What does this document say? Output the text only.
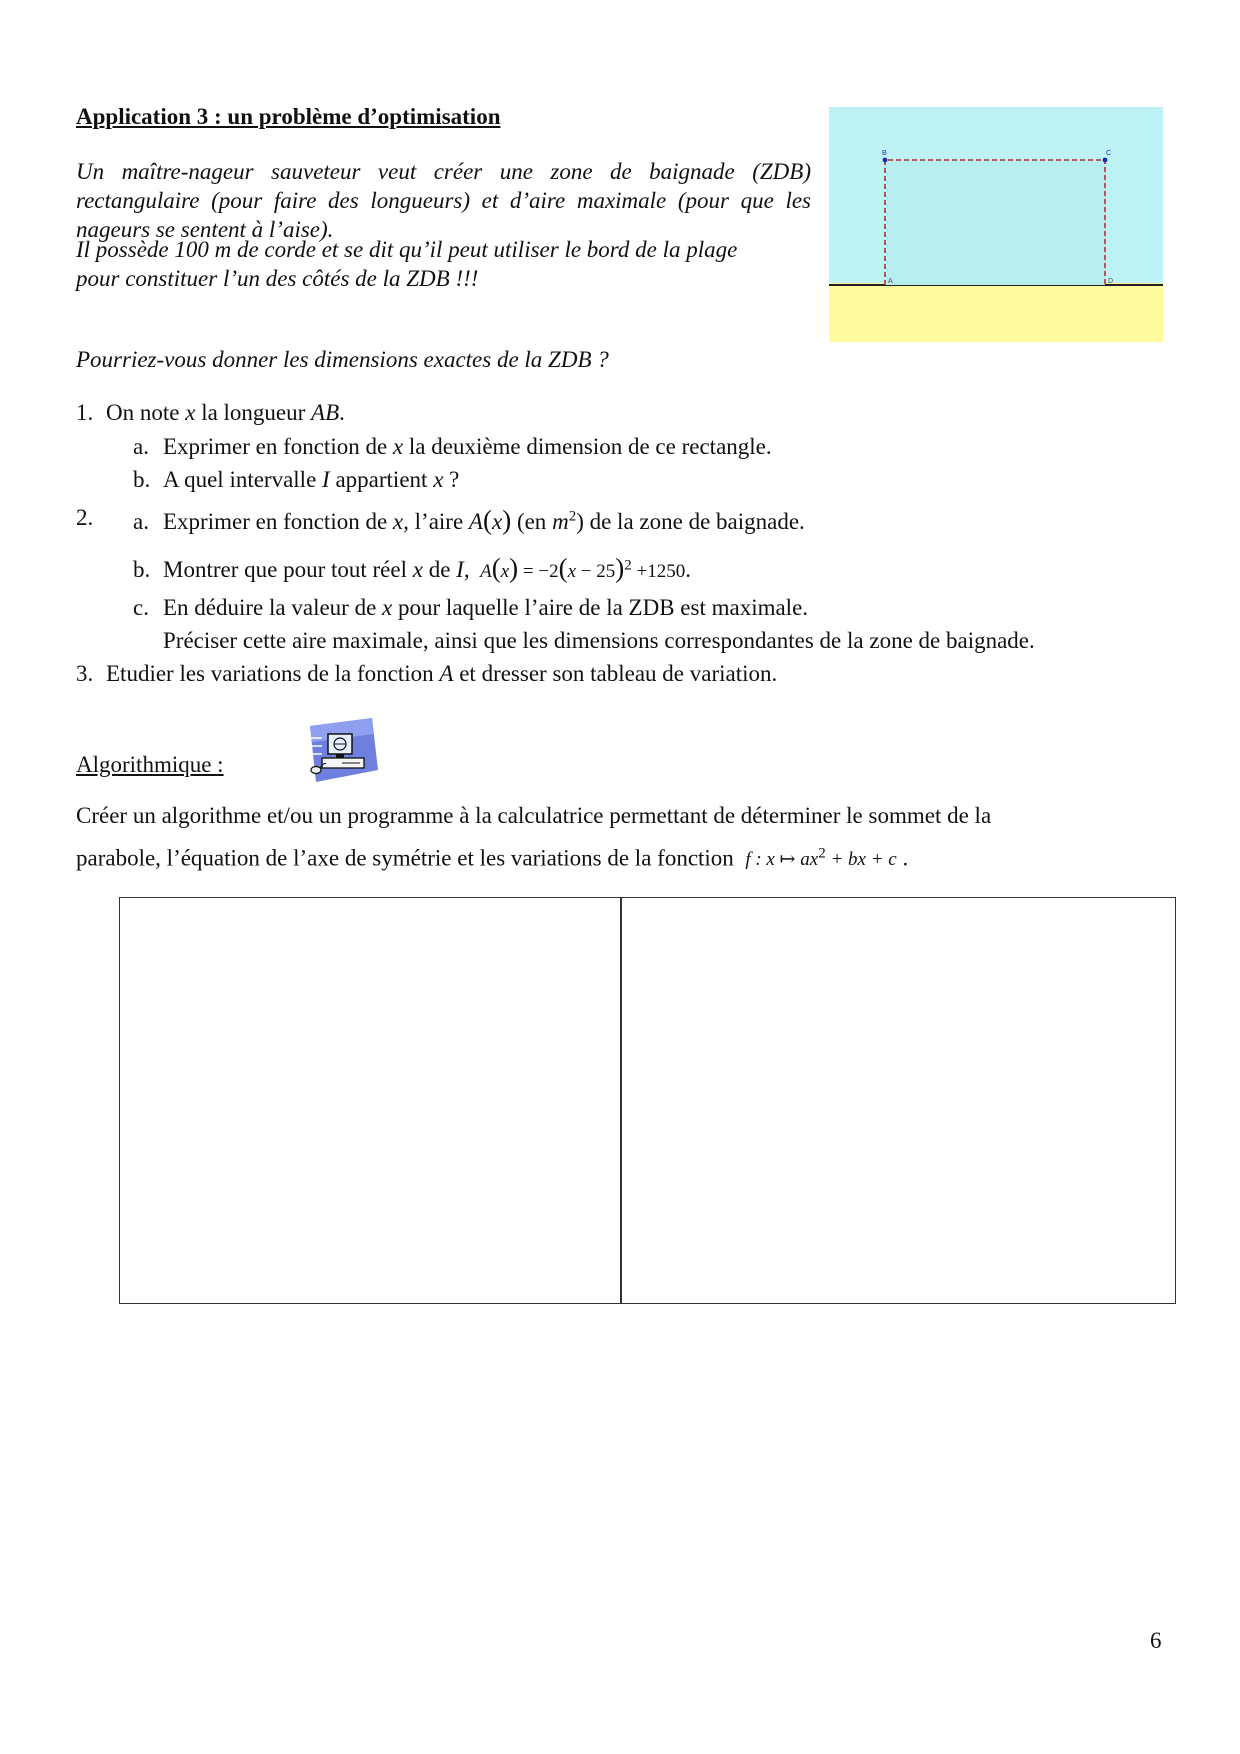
Application 3 : un problème d’optimisation

Un maître-nageur sauveteur veut créer une zone de baignade (ZDB) rectangulaire (pour faire des longueurs) et d’aire maximale (pour que les nageurs se sentent à l’aise).

Il possède 100 m de corde et se dit qu’il peut utiliser le bord de la plage

pour constituer l’un des côtés de la ZDB !!!

Pourriez-vous donner les dimensions exactes de la ZDB ?

B	C
A	D
1. On note x la longueur AB.
a. Exprimer en fonction de x la deuxième dimension de ce rectangle.
b. A quel intervalle I appartient x ?
2. a. Exprimer en fonction de x, l’aire A(x) (en $m^2$) de la zone de baignade.
b. Montrer que pour tout réel x de I, $A(x) = -2(x - 25)^2 +1250$.
c. En déduire la valeur de x pour laquelle l’aire de la ZDB est maximale.
Préciser cette aire maximale, ainsi que les dimensions correspondantes de la zone de baignade.
3. Etudier les variations de la fonction A et dresser son tableau de variation.
Algorithmique :
Créer un algorithme et/ou un programme à la calculatrice permettant de déterminer le sommet de la
parabole, l’équation de l’axe de symétrie et les variations de la fonction f : x ↦ $ax^2$ + bx + c .
6
